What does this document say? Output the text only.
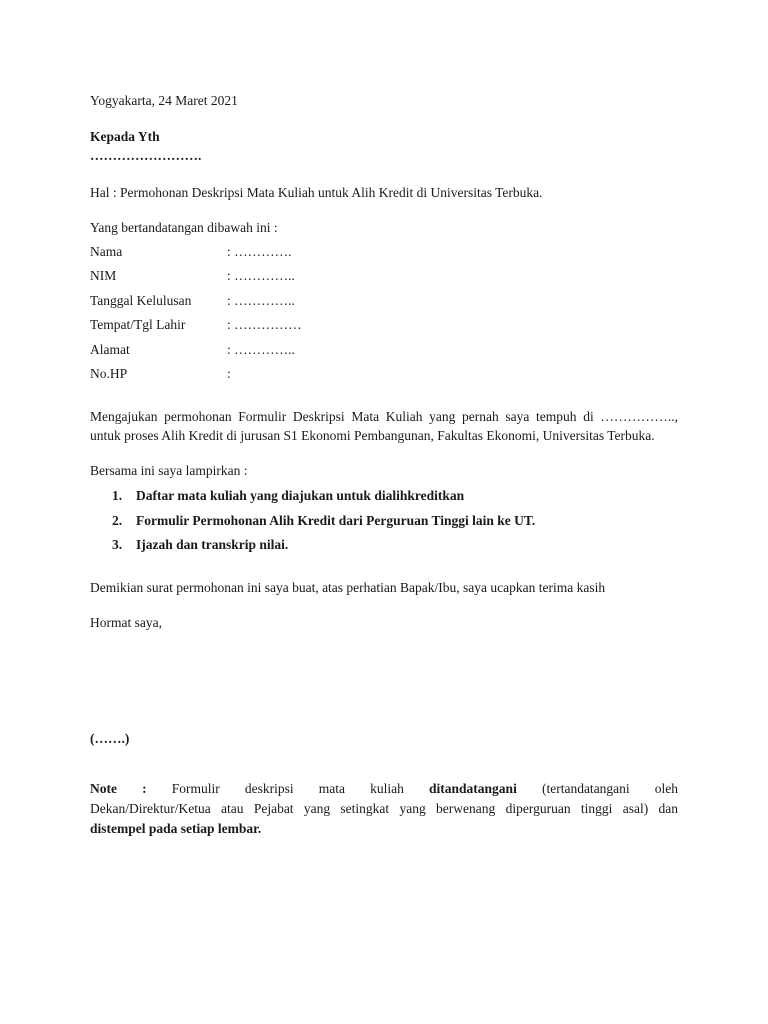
Yogyakarta, 24 Maret 2021
Kepada Yth
…………………….
Hal : Permohonan Deskripsi Mata Kuliah untuk Alih Kredit di Universitas Terbuka.
Yang bertandatangan dibawah ini :
Nama	: ………….
NIM	: …………..
Tanggal Kelulusan	: …………..
Tempat/Tgl Lahir	: ……………
Alamat	: …………..
No.HP	:
Mengajukan permohonan Formulir Deskripsi Mata Kuliah yang pernah saya tempuh di ……………..,
untuk proses Alih Kredit di jurusan S1 Ekonomi Pembangunan, Fakultas Ekonomi, Universitas Terbuka.
Bersama ini saya lampirkan :
1. Daftar mata kuliah yang diajukan untuk dialihkreditkan
2. Formulir Permohonan Alih Kredit dari Perguruan Tinggi lain ke UT.
3. Ijazah dan transkrip nilai.
Demikian surat permohonan ini saya buat, atas perhatian Bapak/Ibu, saya ucapkan terima kasih
Hormat saya,
(…….)
Note : Formulir deskripsi mata kuliah ditandatangani (tertandatangani oleh
Dekan/Direktur/Ketua atau Pejabat yang setingkat yang berwenang diperguruan tinggi asal) dan
distempel pada setiap lembar.
